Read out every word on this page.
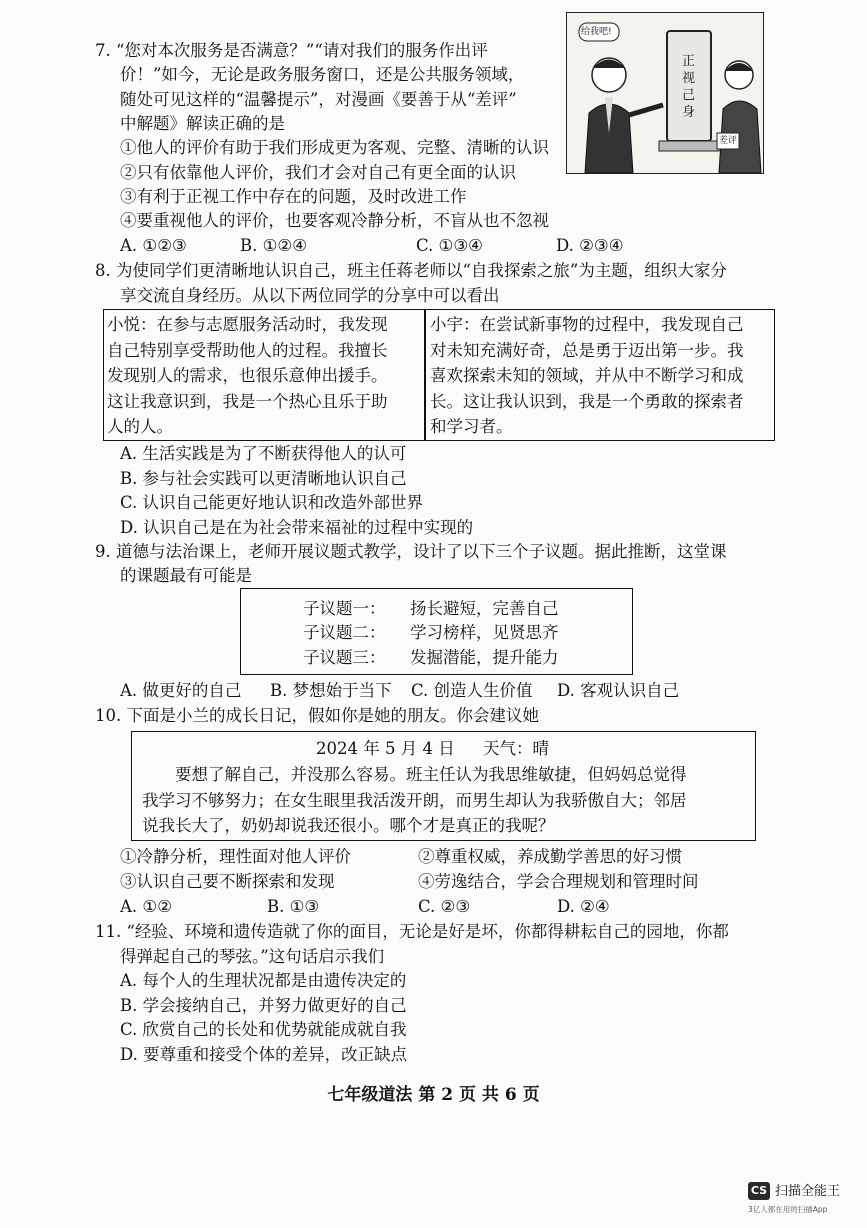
7. “您对本次服务是否满意？”“请对我们的服务作出评
价！”如今，无论是政务服务窗口，还是公共服务领域，
随处可见这样的“温馨提示”，对漫画《要善于从“差评”
中解题》解读正确的是
给我吧!
正视己身
差评
①他人的评价有助于我们形成更为客观、完整、清晰的认识
②只有依靠他人评价，我们才会对自己有更全面的认识
③有利于正视工作中存在的问题，及时改进工作
④要重视他人的评价，也要客观冷静分析，不盲从也不忽视
A. ①②③	B. ①②④	C. ①③④	D. ②③④
8. 为使同学们更清晰地认识自己，班主任蒋老师以“自我探索之旅”为主题，组织大家分
享交流自身经历。从以下两位同学的分享中可以看出
小悦：在参与志愿服务活动时，我发现
自己特别享受帮助他人的过程。我擅长
发现别人的需求，也很乐意伸出援手。
这让我意识到，我是一个热心且乐于助
人的人。
小宇：在尝试新事物的过程中，我发现自己
对未知充满好奇，总是勇于迈出第一步。我
喜欢探索未知的领域，并从中不断学习和成
长。这让我认识到，我是一个勇敢的探索者
和学习者。
A. 生活实践是为了不断获得他人的认可
B. 参与社会实践可以更清晰地认识自己
C. 认识自己能更好地认识和改造外部世界
D. 认识自己是在为社会带来福祉的过程中实现的
9. 道德与法治课上，老师开展议题式教学，设计了以下三个子议题。据此推断，这堂课
的课题最有可能是
子议题一： 扬长避短，完善自己
子议题二： 学习榜样，见贤思齐
子议题三： 发掘潜能，提升能力
A. 做更好的自己 B. 梦想始于当下 C. 创造人生价值 D. 客观认识自己
10. 下面是小兰的成长日记，假如你是她的朋友。你会建议她
2024 年 5 月 4 日 天气：晴
要想了解自己，并没那么容易。班主任认为我思维敏捷，但妈妈总觉得
我学习不够努力；在女生眼里我活泼开朗，而男生却认为我骄傲自大；邻居
说我长大了，奶奶却说我还很小。哪个才是真正的我呢？
①冷静分析，理性面对他人评价	②尊重权威，养成勤学善思的好习惯
③认识自己要不断探索和发现	④劳逸结合，学会合理规划和管理时间
A. ①②	B. ①③	C. ②③	D. ②④
11. “经验、环境和遗传造就了你的面目，无论是好是坏，你都得耕耘自己的园地，你都
得弹起自己的琴弦。”这句话启示我们
A. 每个人的生理状况都是由遗传决定的
B. 学会接纳自己，并努力做更好的自己
C. 欣赏自己的长处和优势就能成就自我
D. 要尊重和接受个体的差异，改正缺点
七年级道法 第 2 页 共 6 页
CS 扫描全能王
3亿人都在用的扫描App
